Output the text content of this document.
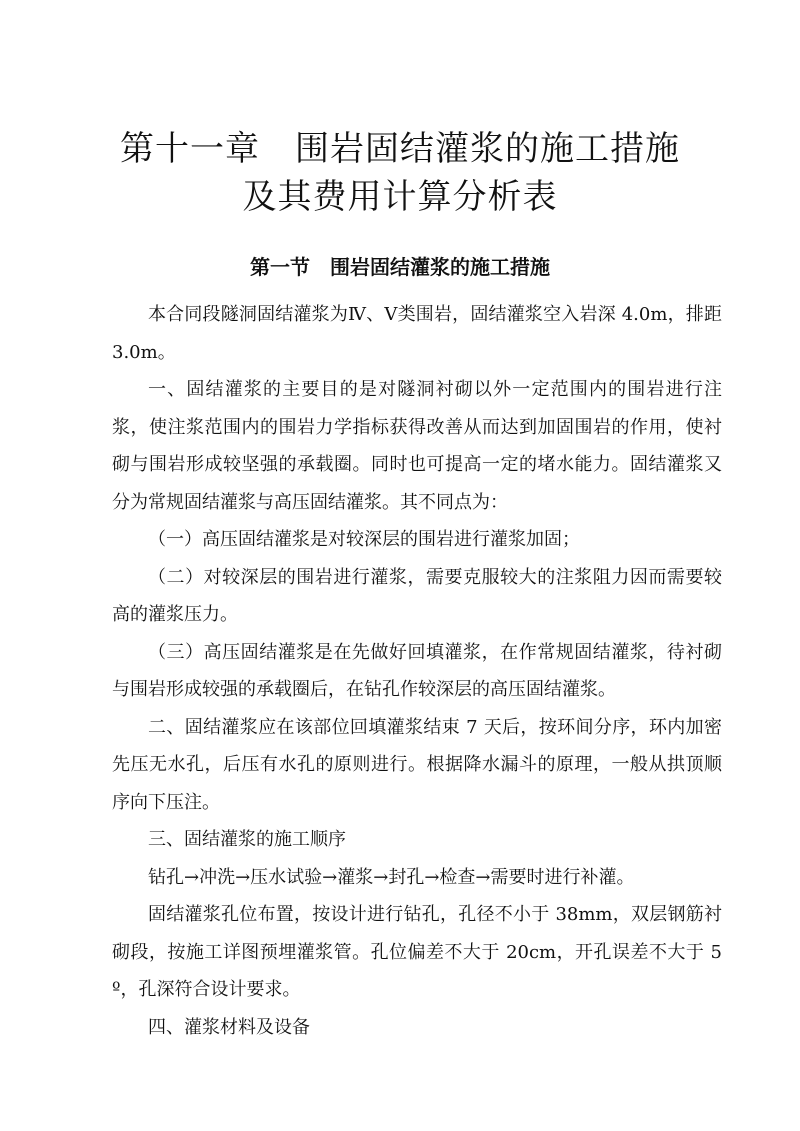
第十一章　围岩固结灌浆的施工措施
及其费用计算分析表
第一节　围岩固结灌浆的施工措施

本合同段隧洞固结灌浆为Ⅳ、Ⅴ类围岩，固结灌浆空入岩深 4.0m，排距 3.0m。

一、固结灌浆的主要目的是对隧洞衬砌以外一定范围内的围岩进行注浆，使注浆范围内的围岩力学指标获得改善从而达到加固围岩的作用，使衬砌与围岩形成较坚强的承载圈。同时也可提高一定的堵水能力。固结灌浆又分为常规固结灌浆与高压固结灌浆。其不同点为：

（一）高压固结灌浆是对较深层的围岩进行灌浆加固；

（二）对较深层的围岩进行灌浆，需要克服较大的注浆阻力因而需要较高的灌浆压力。

（三）高压固结灌浆是在先做好回填灌浆，在作常规固结灌浆，待衬砌与围岩形成较强的承载圈后，在钻孔作较深层的高压固结灌浆。

二、固结灌浆应在该部位回填灌浆结束 7 天后，按环间分序，环内加密先压无水孔，后压有水孔的原则进行。根据降水漏斗的原理，一般从拱顶顺序向下压注。

三、固结灌浆的施工顺序

钻孔→冲洗→压水试验→灌浆→封孔→检查→需要时进行补灌。

固结灌浆孔位布置，按设计进行钻孔，孔径不小于 38mm，双层钢筋衬砌段，按施工详图预埋灌浆管。孔位偏差不大于 20cm，开孔误差不大于 5º，孔深符合设计要求。

四、灌浆材料及设备
